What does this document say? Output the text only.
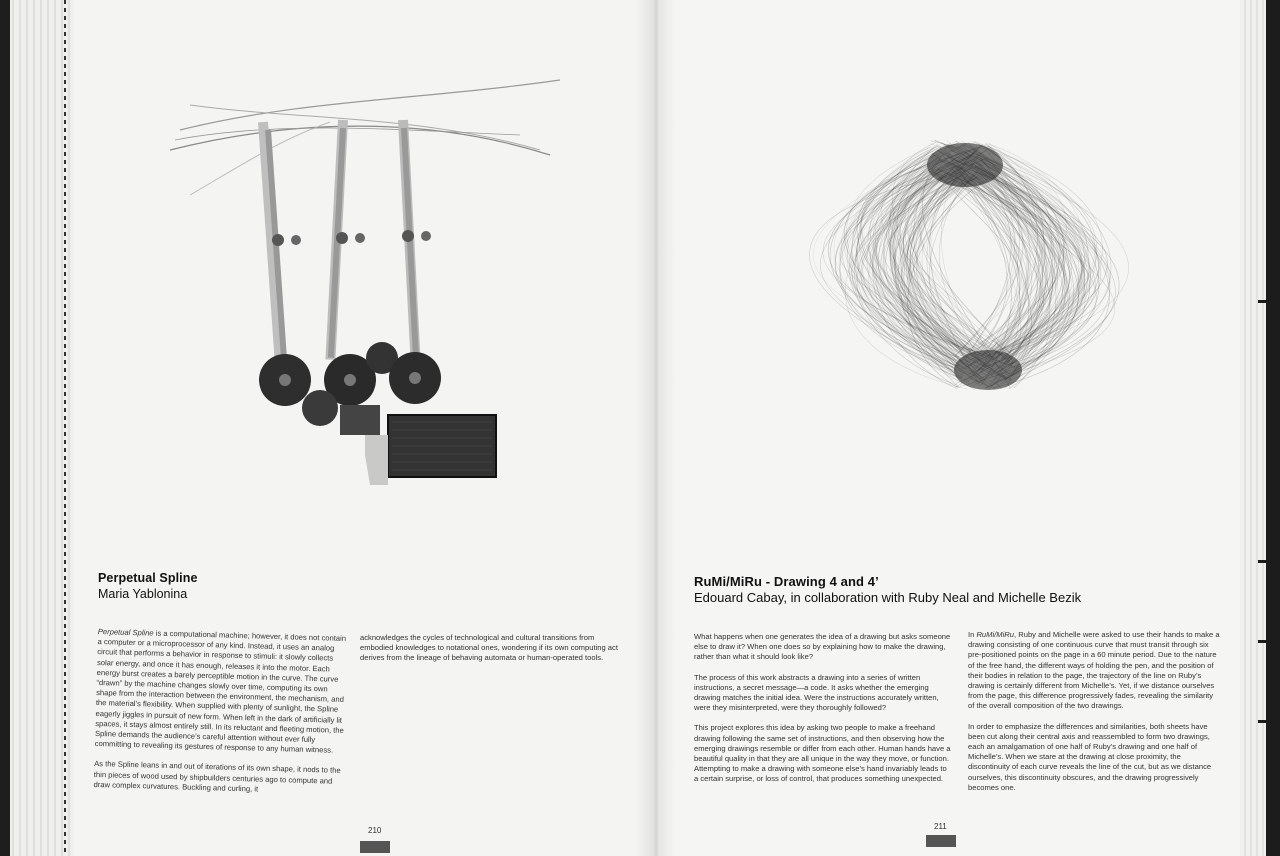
Perpetual Spline
Maria Yablonina

Perpetual Spline is a computational machine; however, it does not contain a computer or a microprocessor of any kind. Instead, it uses an analog circuit that performs a behavior in response to stimuli: it slowly collects solar energy, and once it has enough, releases it into the motor. Each energy burst creates a barely perceptible motion in the curve. The curve “drawn” by the machine changes slowly over time, computing its own shape from the interaction between the environment, the mechanism, and the material’s flexibility. When supplied with plenty of sunlight, the Spline eagerly jiggles in pursuit of new form. When left in the dark of artificially lit spaces, it stays almost entirely still. In its reluctant and fleeting motion, the Spline demands the audience’s careful attention without ever fully committing to revealing its gestures of response to any human witness.

As the Spline leans in and out of iterations of its own shape, it nods to the thin pieces of wood used by shipbuilders centuries ago to compute and draw complex curvatures. Buckling and curling, it

acknowledges the cycles of technological and cultural transitions from embodied knowledges to notational ones, wondering if its own computing act derives from the lineage of behaving automata or human-operated tools.

210
RuMi/MiRu - Drawing 4 and 4’
Edouard Cabay, in collaboration with Ruby Neal and Michelle Bezik

What happens when one generates the idea of a drawing but asks someone else to draw it? When one does so by explaining how to make the drawing, rather than what it should look like?

The process of this work abstracts a drawing into a series of written instructions, a secret message—a code. It asks whether the emerging drawing matches the initial idea. Were the instructions accurately written, were they misinterpreted, were they thoroughly followed?

This project explores this idea by asking two people to make a freehand drawing following the same set of instructions, and then observing how the emerging drawings resemble or differ from each other. Human hands have a beautiful quality in that they are all unique in the way they move, or function. Attempting to make a drawing with someone else’s hand invariably leads to a certain surprise, or loss of control, that produces something unexpected.

In RuMi/MiRu, Ruby and Michelle were asked to use their hands to make a drawing consisting of one continuous curve that must transit through six pre-positioned points on the page in a 60 minute period. Due to the nature of the free hand, the different ways of holding the pen, and the position of their bodies in relation to the page, the trajectory of the line on Ruby’s drawing is certainly different from Michelle’s. Yet, if we distance ourselves from the page, this difference progressively fades, revealing the similarity of the overall composition of the two drawings.

In order to emphasize the differences and similarities, both sheets have been cut along their central axis and reassembled to form two drawings, each an amalgamation of one half of Ruby’s drawing and one half of Michelle’s. When we stare at the drawing at close proximity, the discontinuity of each curve reveals the line of the cut, but as we distance ourselves, this discontinuity obscures, and the drawing progressively becomes one.

211
